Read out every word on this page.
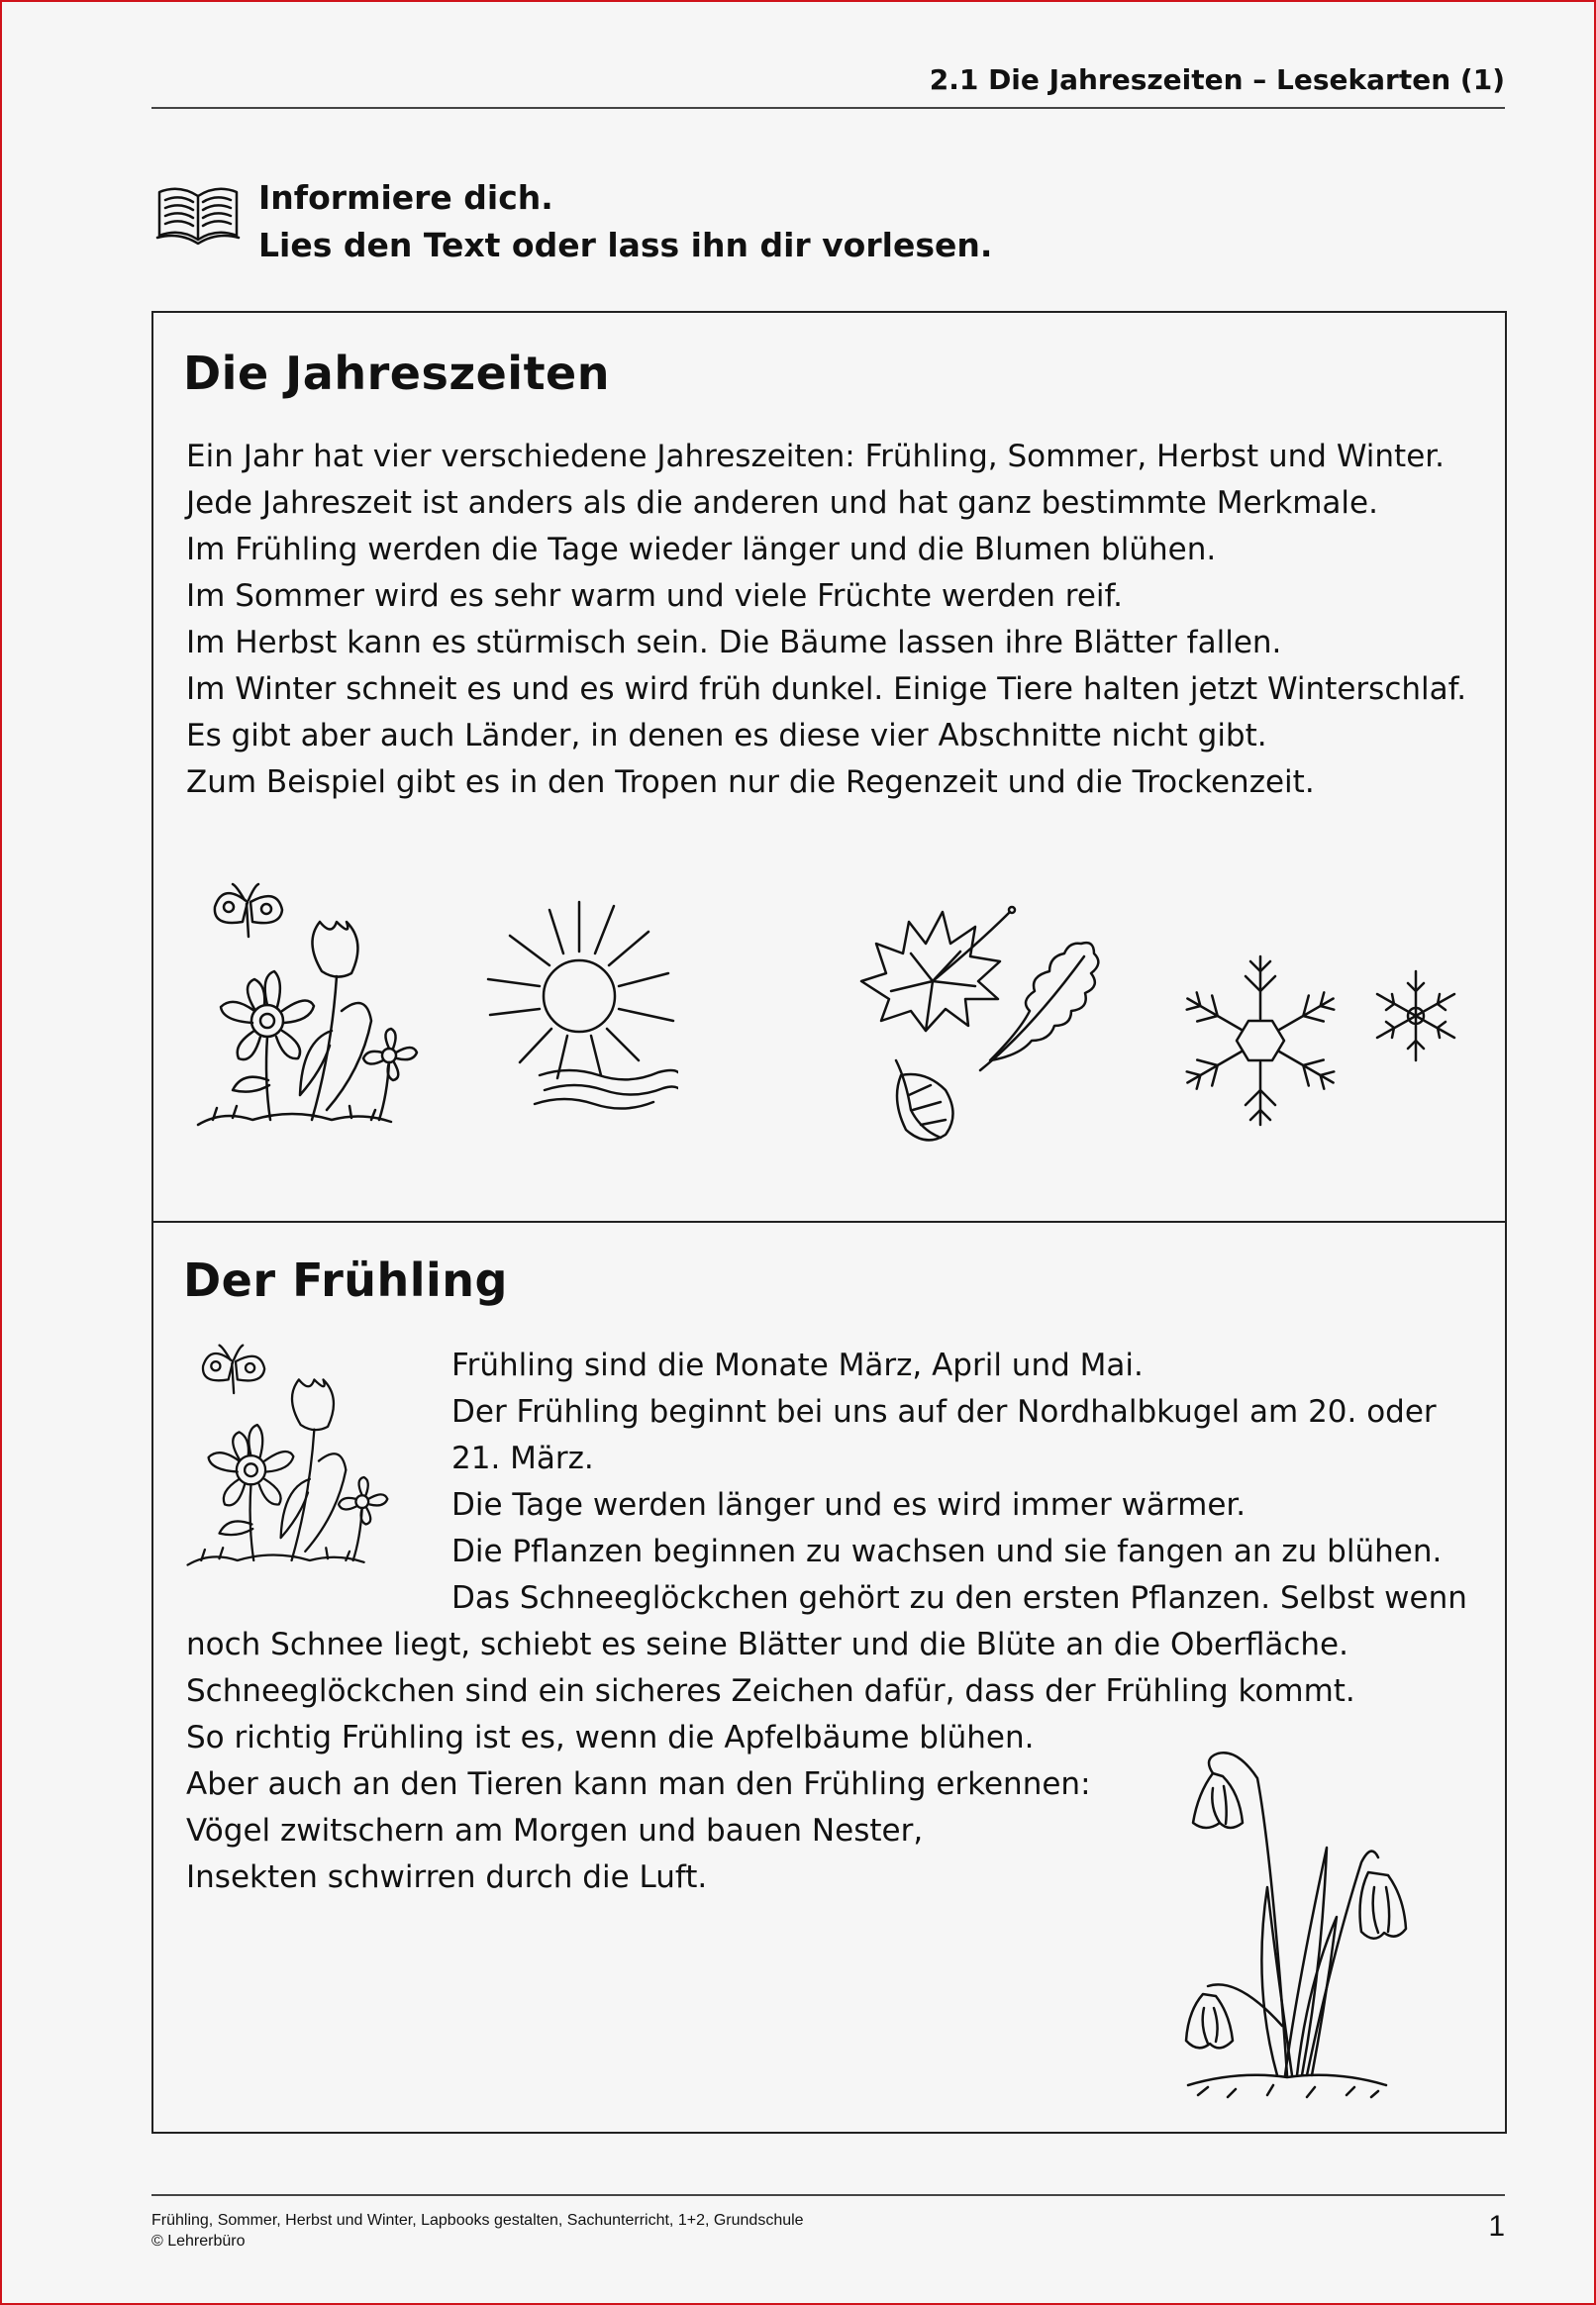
2.1 Die Jahreszeiten – Lesekarten (1)
Informiere dich.
Lies den Text oder lass ihn dir vorlesen.
Die Jahreszeiten
Ein Jahr hat vier verschiedene Jahreszeiten: Frühling, Sommer, Herbst und Winter.
Jede Jahreszeit ist anders als die anderen und hat ganz bestimmte Merkmale.
Im Frühling werden die Tage wieder länger und die Blumen blühen.
Im Sommer wird es sehr warm und viele Früchte werden reif.
Im Herbst kann es stürmisch sein. Die Bäume lassen ihre Blätter fallen.
Im Winter schneit es und es wird früh dunkel. Einige Tiere halten jetzt Winterschlaf.
Es gibt aber auch Länder, in denen es diese vier Abschnitte nicht gibt.
Zum Beispiel gibt es in den Tropen nur die Regenzeit und die Trockenzeit.
Der Frühling
Frühling sind die Monate März, April und Mai.
Der Frühling beginnt bei uns auf der Nordhalbkugel am 20. oder
21. März.
Die Tage werden länger und es wird immer wärmer.
Die Pflanzen beginnen zu wachsen und sie fangen an zu blühen.
Das Schneeglöckchen gehört zu den ersten Pflanzen. Selbst wenn
noch Schnee liegt, schiebt es seine Blätter und die Blüte an die Oberfläche.
Schneeglöckchen sind ein sicheres Zeichen dafür, dass der Frühling kommt.
So richtig Frühling ist es, wenn die Apfelbäume blühen.
Aber auch an den Tieren kann man den Frühling erkennen:
Vögel zwitschern am Morgen und bauen Nester,
Insekten schwirren durch die Luft.
Frühling, Sommer, Herbst und Winter, Lapbooks gestalten, Sachunterricht, 1+2, Grundschule
© Lehrerbüro	1
